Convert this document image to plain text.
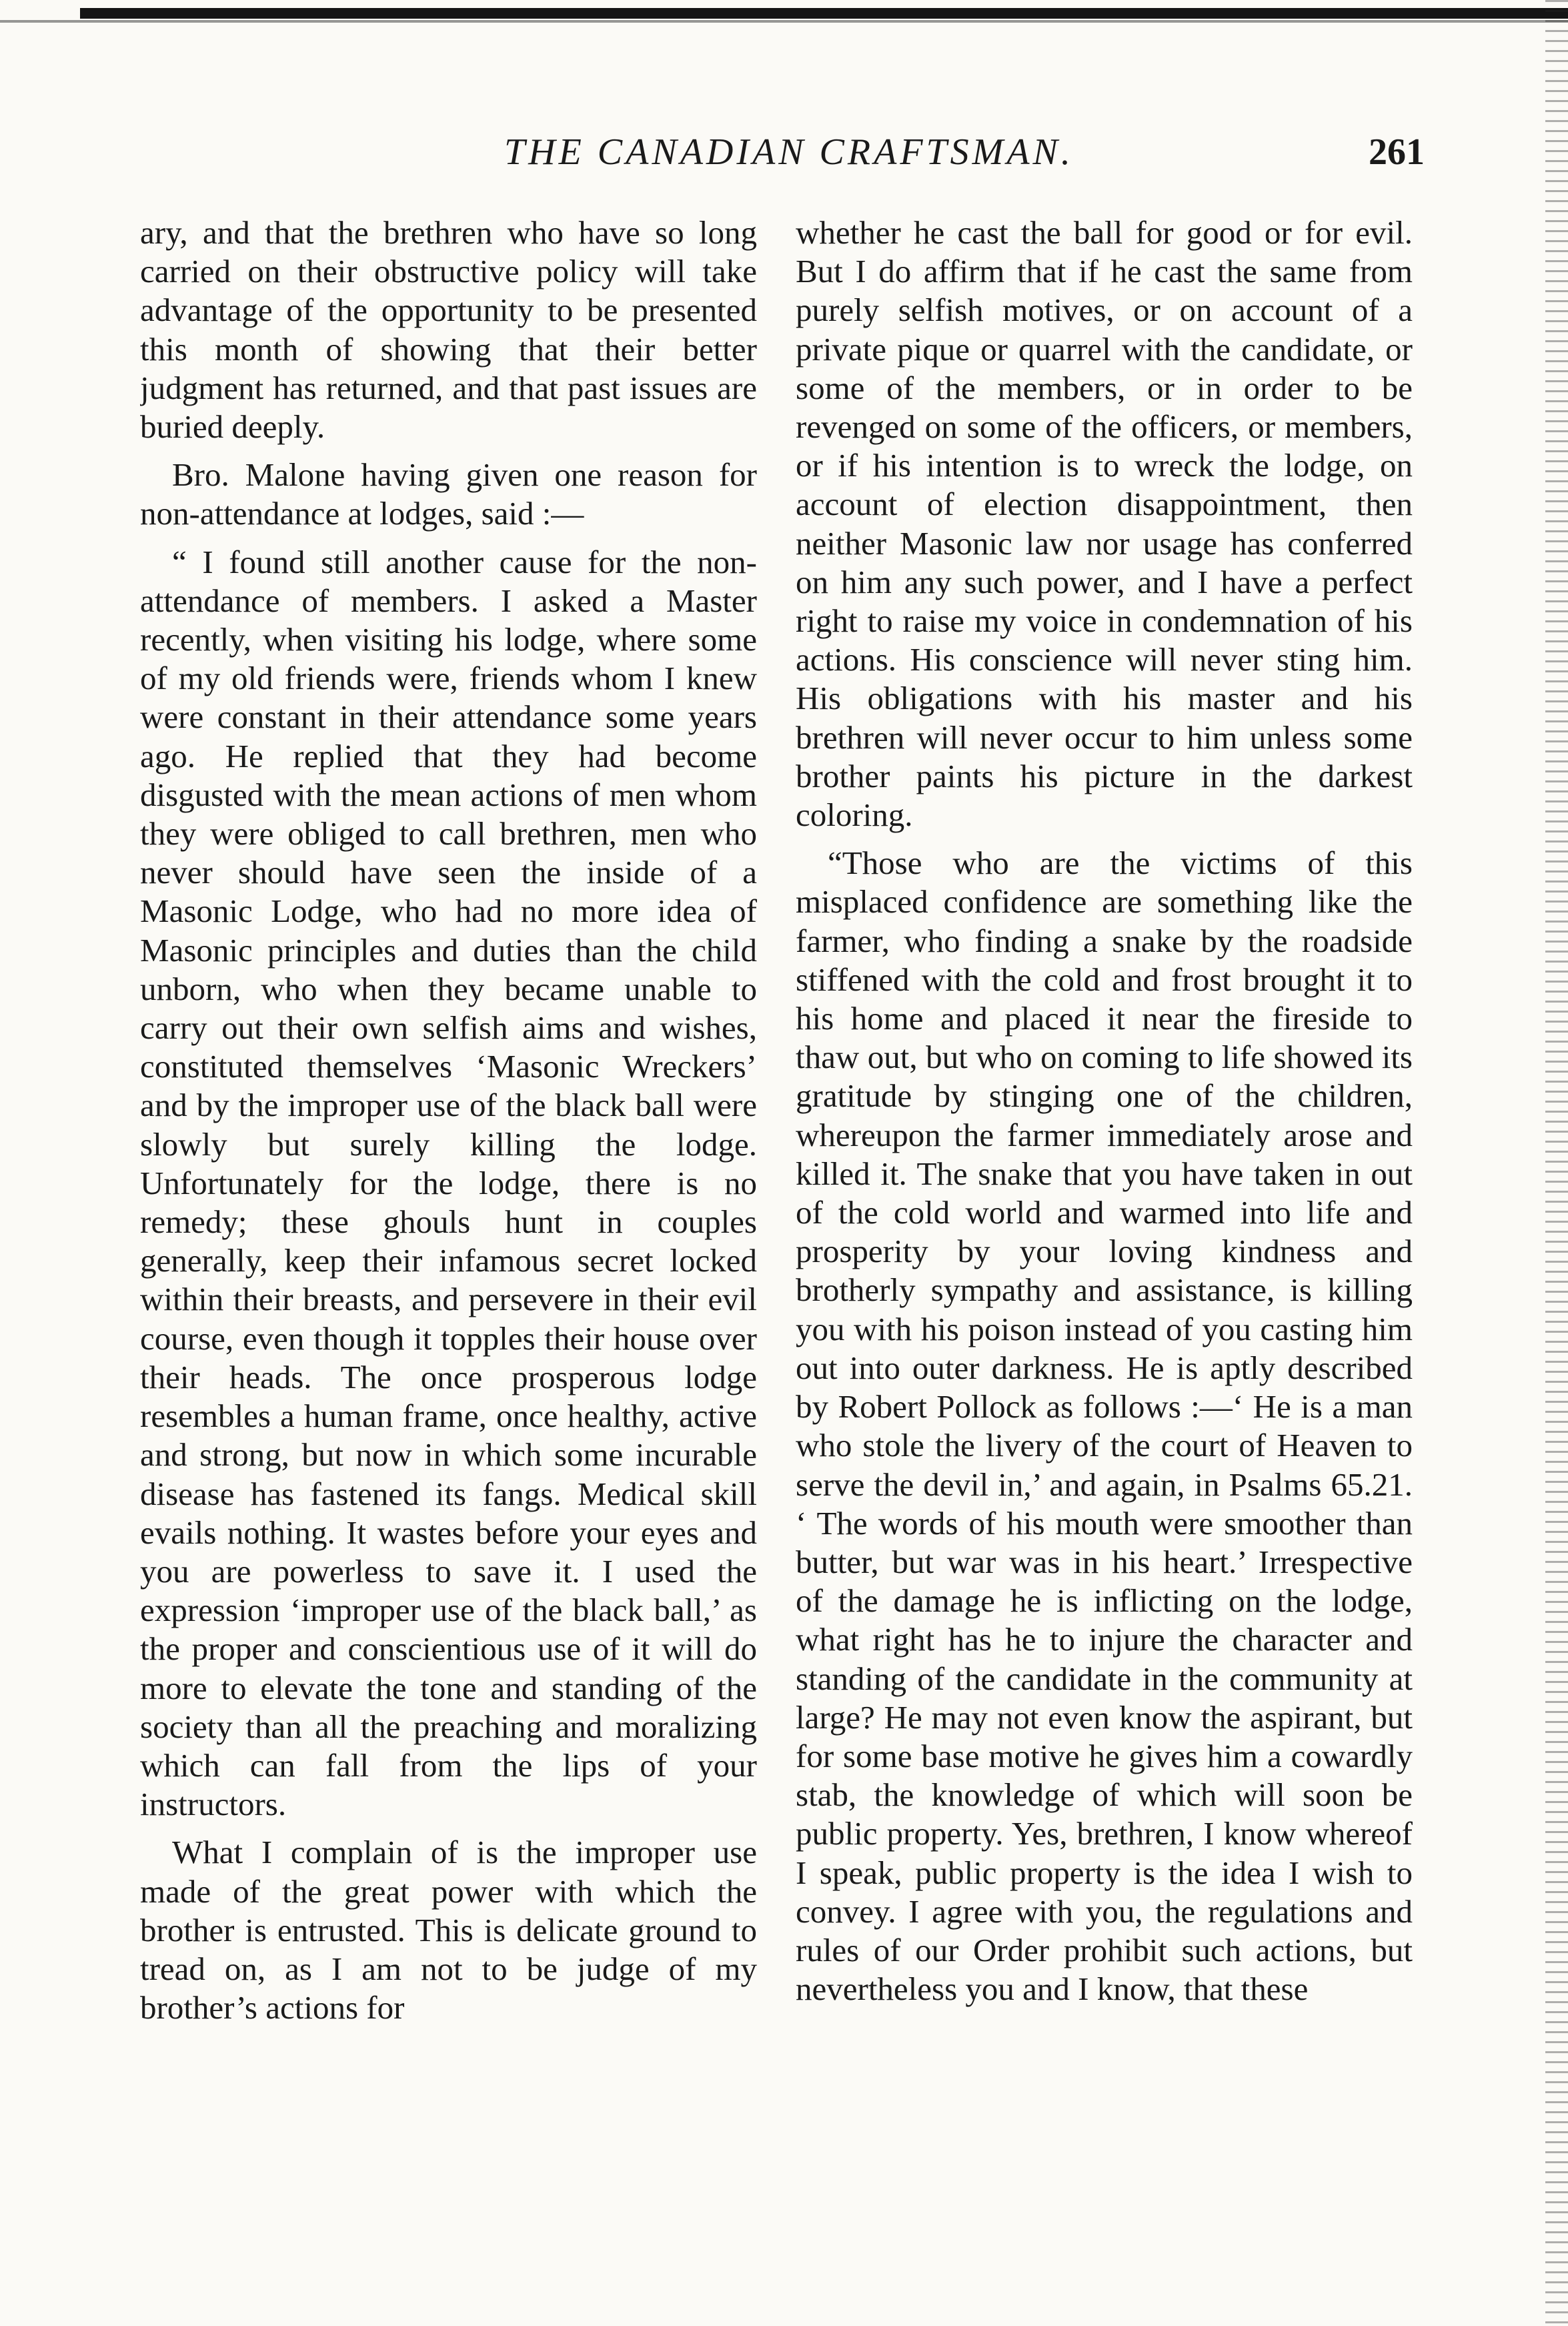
THE CANADIAN CRAFTSMAN.	261

ary, and that the brethren who have so long carried on their obstructive policy will take advantage of the opportunity to be presented this month of showing that their better judgment has returned, and that past issues are buried deeply.

Bro. Malone having given one reason for non-attendance at lodges, said :—

“ I found still another cause for the non-attendance of members. I asked a Master recently, when visiting his lodge, where some of my old friends were, friends whom I knew were constant in their attendance some years ago. He replied that they had become disgusted with the mean actions of men whom they were obliged to call brethren, men who never should have seen the inside of a Masonic Lodge, who had no more idea of Masonic principles and duties than the child unborn, who when they became unable to carry out their own selfish aims and wishes, constituted themselves ‘Masonic Wreckers’ and by the improper use of the black ball were slowly but surely killing the lodge. Unfortunately for the lodge, there is no remedy; these ghouls hunt in couples generally, keep their infamous secret locked within their breasts, and persevere in their evil course, even though it topples their house over their heads. The once prosperous lodge resembles a human frame, once healthy, active and strong, but now in which some incurable disease has fastened its fangs. Medical skill evails nothing. It wastes before your eyes and you are powerless to save it. I used the expression ‘improper use of the black ball,’ as the proper and conscientious use of it will do more to elevate the tone and standing of the society than all the preaching and moralizing which can fall from the lips of your instructors.

What I complain of is the improper use made of the great power with which the brother is entrusted. This is delicate ground to tread on, as I am not to be judge of my brother’s actions for

whether he cast the ball for good or for evil. But I do affirm that if he cast the same from purely selfish motives, or on account of a private pique or quarrel with the candidate, or some of the members, or in order to be revenged on some of the officers, or members, or if his intention is to wreck the lodge, on account of election disappointment, then neither Masonic law nor usage has conferred on him any such power, and I have a perfect right to raise my voice in condemnation of his actions. His conscience will never sting him. His obligations with his master and his brethren will never occur to him unless some brother paints his picture in the darkest coloring.

“Those who are the victims of this misplaced confidence are something like the farmer, who finding a snake by the roadside stiffened with the cold and frost brought it to his home and placed it near the fireside to thaw out, but who on coming to life showed its gratitude by stinging one of the children, whereupon the farmer immediately arose and killed it. The snake that you have taken in out of the cold world and warmed into life and prosperity by your loving kindness and brotherly sympathy and assistance, is killing you with his poison instead of you casting him out into outer darkness. He is aptly described by Robert Pollock as follows :—‘ He is a man who stole the livery of the court of Heaven to serve the devil in,’ and again, in Psalms 65.21. ‘ The words of his mouth were smoother than butter, but war was in his heart.’ Irrespective of the damage he is inflicting on the lodge, what right has he to injure the character and standing of the candidate in the community at large? He may not even know the aspirant, but for some base motive he gives him a cowardly stab, the knowledge of which will soon be public property. Yes, brethren, I know whereof I speak, public property is the idea I wish to convey. I agree with you, the regulations and rules of our Order prohibit such actions, but nevertheless you and I know, that these
